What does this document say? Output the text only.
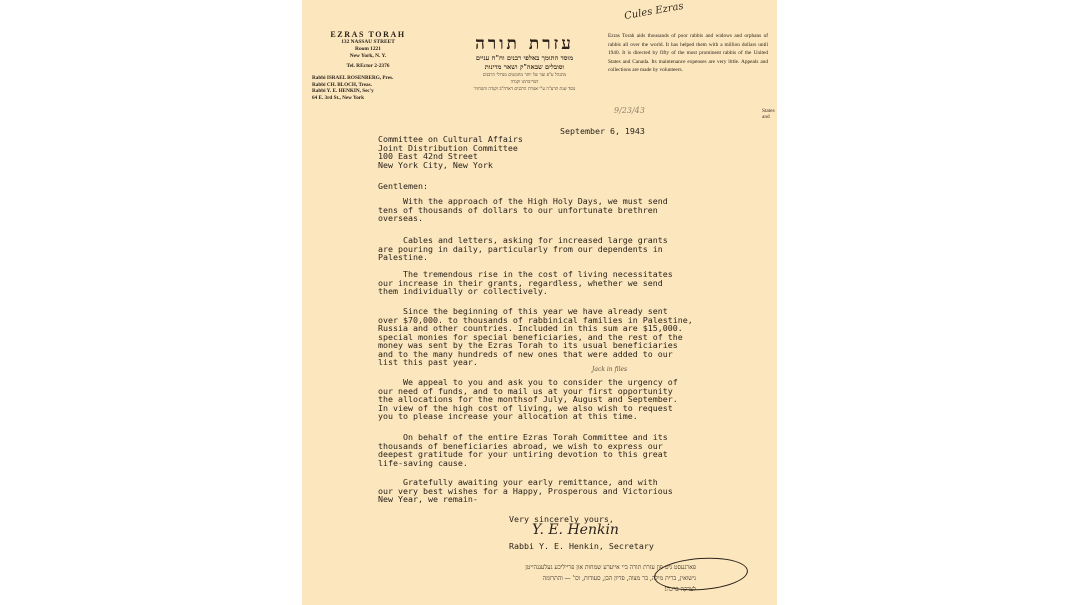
EZRAS TORAH
132 NASSAU STREET
Room 1221
New York, N. Y.
Tel. REctor 2-2376
Rabbi ISRAEL ROSENBERG, Pres.
Rabbi CH. BLOCH, Treas.
Rabbi Y. E. HENKIN, Sec'y
64 E. 3rd St., New York
עזרת תורה
מוסד התומך באלפי רבנים וח"ח עניים
וסובלים שבאה"ק ושאר מדינות
מתנהל ע"פ ועד של יותר מחמשים מגדולי הרבנים
דמדינותינו וקנדה
נוסד שנת תרע"ה ע"י אגודת הרבנים דארה"ב וקנדה והמחזיר
Ezras Torah aids thousands of poor rabbis and widows and orphans of rabbis all over the world. It has helped them with a million dollars until 1940. It is directed by fifty of the most prominent rabbis of the United States and Canada. Its maintenance expenses are very little. Appeals and collections are made by volunteers.
Cules Ezras
9/23/43	States and
Jack in files
September 6, 1943
Committee on Cultural Affairs
Joint Distribution Committee
100 East 42nd Street
New York City, New York
Gentlemen:
With the approach of the High Holy Days, we must send
tens of thousands of dollars to our unfortunate brethren
overseas.
Cables and letters, asking for increased large grants
are pouring in daily, particularly from our dependents in
Palestine.
The tremendous rise in the cost of living necessitates
our increase in their grants, regardless, whether we send
them individually or collectively.
Since the beginning of this year we have already sent
over $70,000. to thousands of rabbinical families in Palestine,
Russia and other countries. Included in this sum are $15,000.
special monies for special beneficiaries, and the rest of the
money was sent by the Ezras Torah to its usual beneficiaries
and to the many hundreds of new ones that were added to our
list this past year.
We appeal to you and ask you to consider the urgency of
our need of funds, and to mail us at your first opportunity
the allocations for the monthsof July, August and September.
In view of the high cost of living, we also wish to request
you to please increase your allocation at this time.
On behalf of the entire Ezras Torah Committee and its
thousands of beneficiaries abroad, we wish to express our
deepest gratitude for your untiring devotion to this great
life-saving cause.
Gratefully awaiting your early remittance, and with
our very best wishes for a Happy, Prosperous and Victorious
New Year, we remain-
Very sincerely yours,
Y. E. Henkin
Rabbi Y. E. Henkin, Secretary
פארגעסט ניט פון עזרת תורה ביי אייערע שמחות און פרייליכע געלעגנהייטן
נישואין, ברית מילה, בר מצוה, פדיון הבן, סעודות, וכו' — והתרומה
לצדקה ברכה!
